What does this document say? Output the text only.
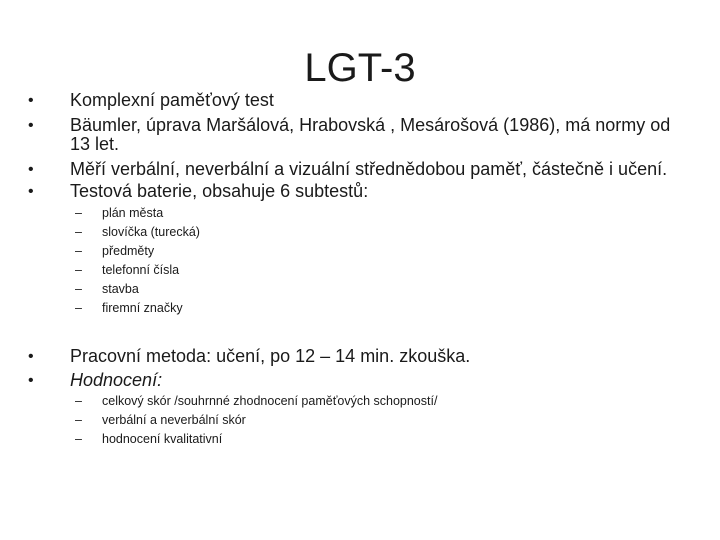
LGT-3
•	Komplexní paměťový test
•	Bäumler, úprava Maršálová, Hrabovská , Mesárošová (1986), má normy od 13 let.
•	Měří verbální, neverbální a vizuální střednědobou paměť, částečně i učení.
•	Testová baterie, obsahuje 6 subtestů:
– plán města
– slovíčka (turecká)
– předměty
– telefonní čísla
– stavba
– firemní značky
•	Pracovní metoda: učení, po 12 – 14 min. zkouška.
•	Hodnocení:
– celkový skór /souhrnné zhodnocení paměťových schopností/
– verbální a neverbální skór
– hodnocení kvalitativní
